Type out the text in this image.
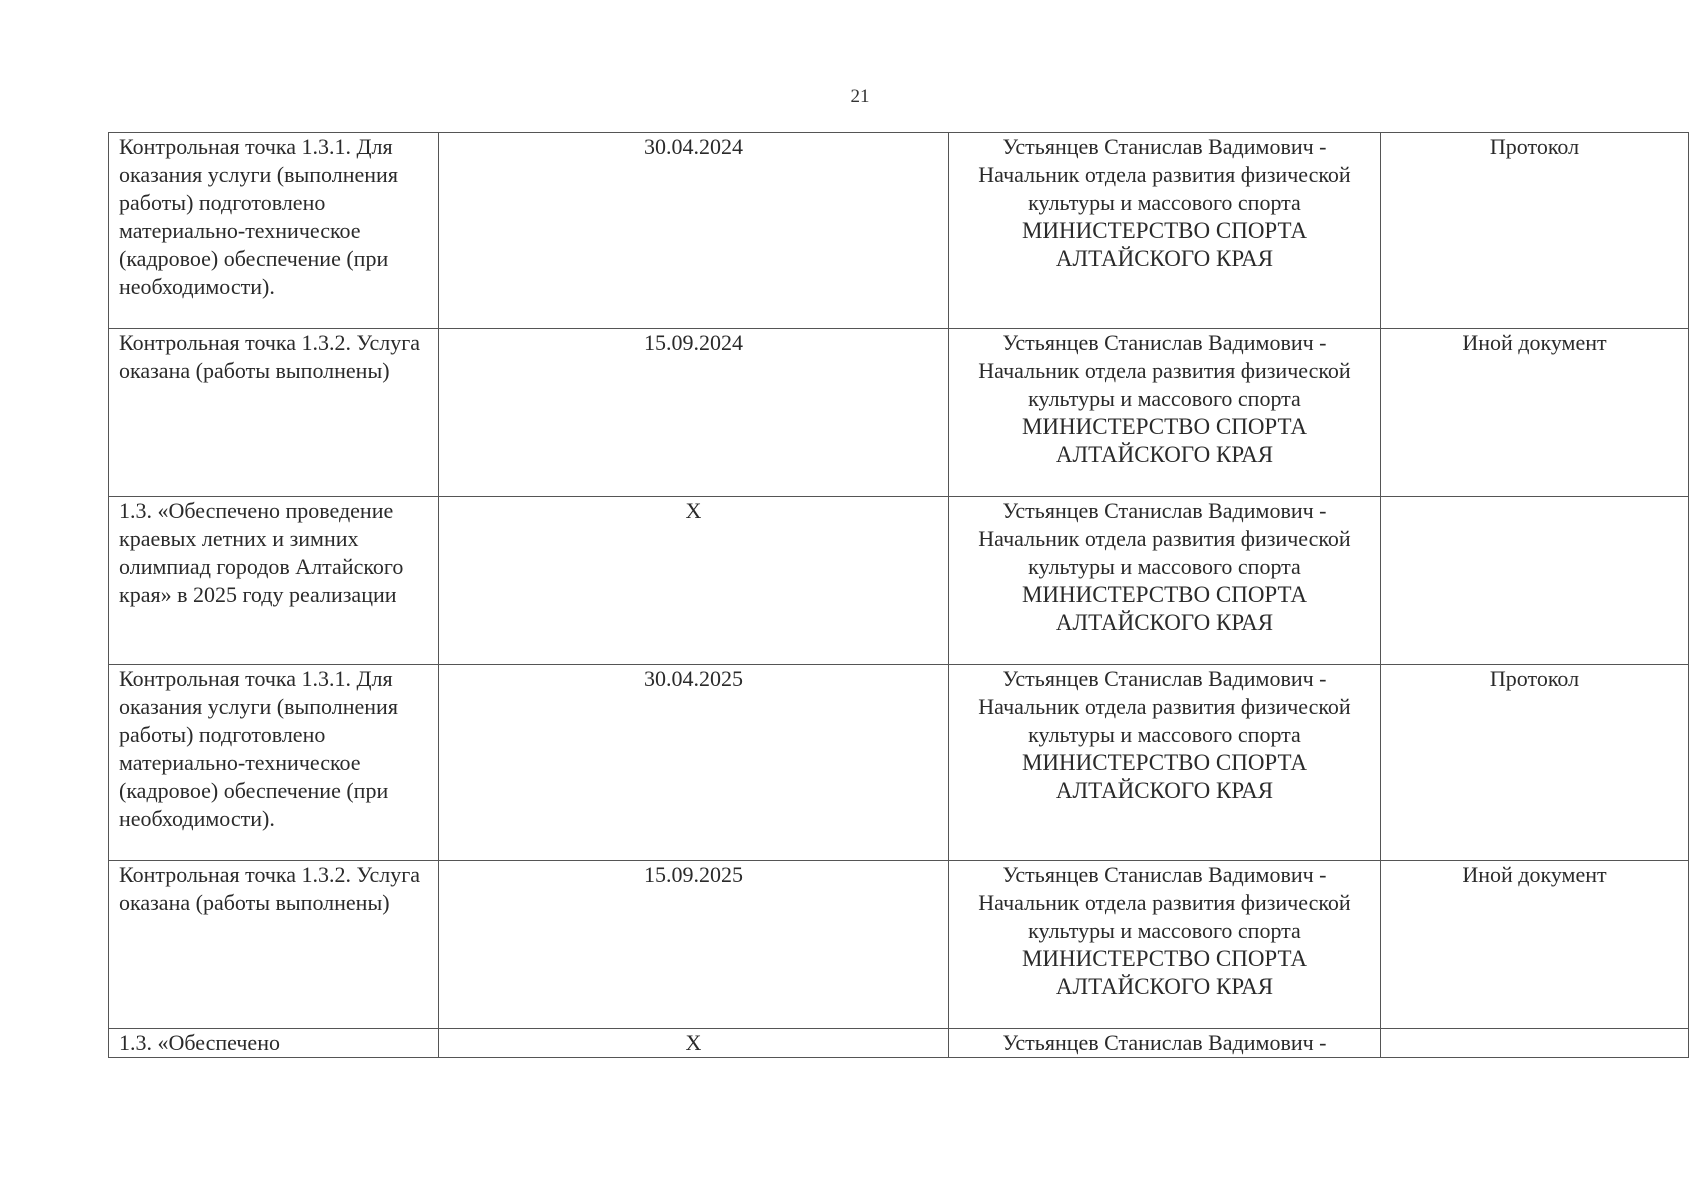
21
Контрольная точка 1.3.1. Для оказания услуги (выполнения работы) подготовлено материально-техническое (кадровое) обеспечение (при необходимости).	30.04.2024	Устьянцев Станислав Вадимович -
Начальник отдела развития физической культуры и массового спорта
МИНИСТЕРСТВО СПОРТА АЛТАЙСКОГО КРАЯ	Протокол
Контрольная точка 1.3.2. Услуга оказана (работы выполнены)	15.09.2024	Устьянцев Станислав Вадимович -
Начальник отдела развития физической культуры и массового спорта
МИНИСТЕРСТВО СПОРТА АЛТАЙСКОГО КРАЯ	Иной документ
1.3. «Обеспечено проведение краевых летних и зимних олимпиад городов Алтайского края» в 2025 году реализации	X	Устьянцев Станислав Вадимович -
Начальник отдела развития физической культуры и массового спорта
МИНИСТЕРСТВО СПОРТА АЛТАЙСКОГО КРАЯ	

Контрольная точка 1.3.1. Для оказания услуги (выполнения работы) подготовлено материально-техническое (кадровое) обеспечение (при необходимости).	30.04.2025	Устьянцев Станислав Вадимович -
Начальник отдела развития физической культуры и массового спорта
МИНИСТЕРСТВО СПОРТА АЛТАЙСКОГО КРАЯ	Протокол
Контрольная точка 1.3.2. Услуга оказана (работы выполнены)	15.09.2025	Устьянцев Станислав Вадимович -
Начальник отдела развития физической культуры и массового спорта
МИНИСТЕРСТВО СПОРТА АЛТАЙСКОГО КРАЯ	Иной документ
1.3. «Обеспечено	X	Устьянцев Станислав Вадимович -	
